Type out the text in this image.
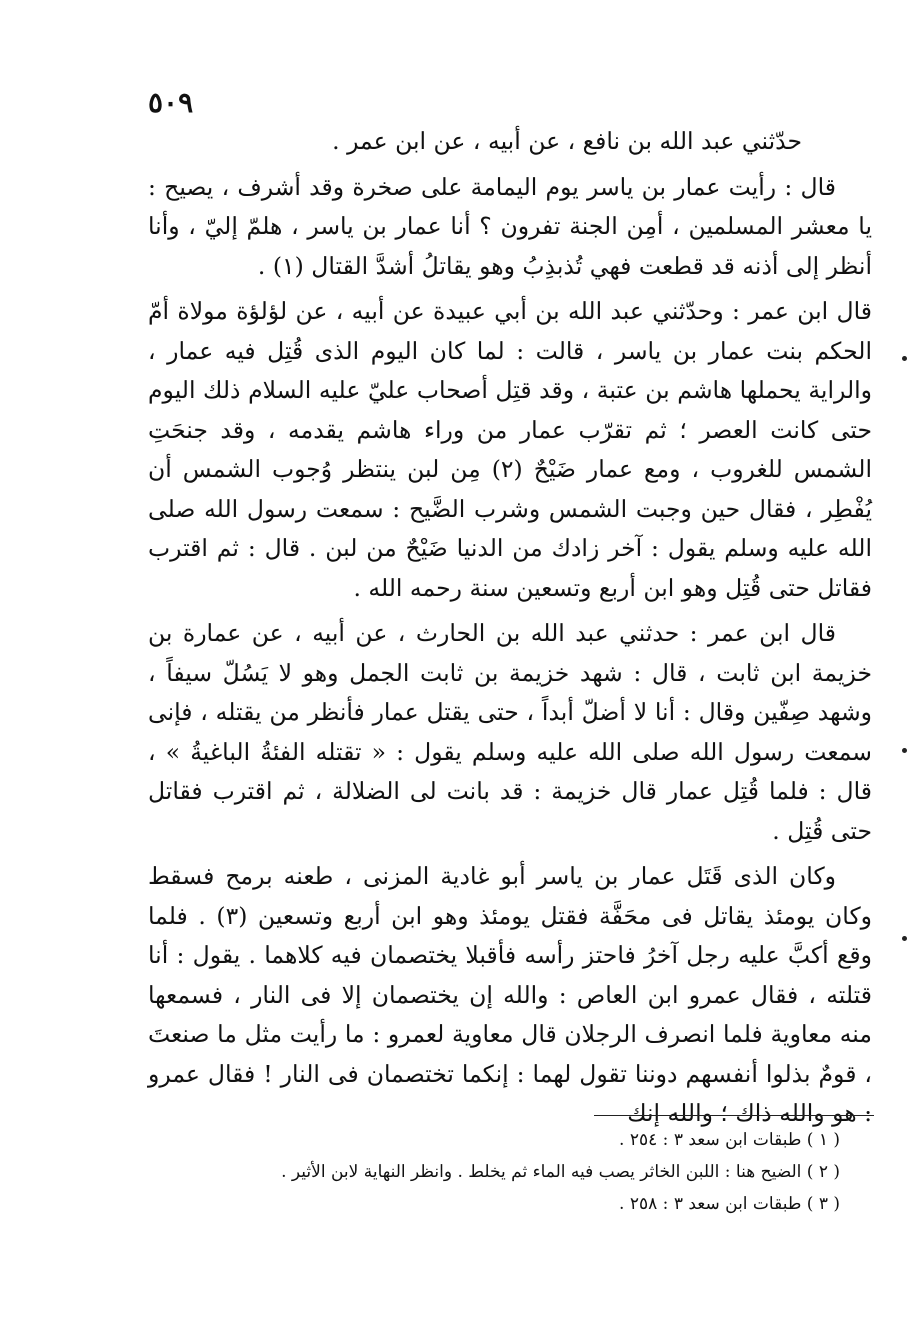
٥٠٩

حدّثني عبد الله بن نافع ، عن أبيه ، عن ابن عمر .

قال : رأيت عمار بن ياسر يوم اليمامة على صخرة وقد أشرف ، يصيح : يا معشر المسلمين ، أمِن الجنة تفرون ؟ أنا عمار بن ياسر ، هلمّ إليّ ، وأنا أنظر إلى أذنه قد قطعت فهي تُذبذِبُ وهو يقاتلُ أشدَّ القتال (١) .

قال ابن عمر : وحدّثني عبد الله بن أبي عبيدة عن أبيه ، عن لؤلؤة مولاة أمّ الحكم بنت عمار بن ياسر ، قالت : لما كان اليوم الذى قُتِل فيه عمار ، والراية يحملها هاشم بن عتبة ، وقد قتِل أصحاب عليّ عليه السلام ذلك اليوم حتى كانت العصر ؛ ثم تقرّب عمار من وراء هاشم يقدمه ، وقد جنحَتِ الشمس للغروب ، ومع عمار ضَيْحٌ (٢) مِن لبن ينتظر وُجوب الشمس أن يُفْطِر ، فقال حين وجبت الشمس وشرب الضَّيح : سمعت رسول الله صلى الله عليه وسلم يقول : آخر زادك من الدنيا ضَيْحٌ من لبن . قال : ثم اقترب فقاتل حتى قُتِل وهو ابن أربع وتسعين سنة رحمه الله .

قال ابن عمر : حدثني عبد الله بن الحارث ، عن أبيه ، عن عمارة بن خزيمة ابن ثابت ، قال : شهد خزيمة بن ثابت الجمل وهو لا يَسُلّ سيفاً ، وشهد صِفّين وقال : أنا لا أضلّ أبداً ، حتى يقتل عمار فأنظر من يقتله ، فإنى سمعت رسول الله صلى الله عليه وسلم يقول : « تقتله الفئةُ الباغيةُ » ، قال : فلما قُتِل عمار قال خزيمة : قد بانت لى الضلالة ، ثم اقترب فقاتل حتى قُتِل .

وكان الذى قَتَل عمار بن ياسر أبو غادية المزنى ، طعنه برمح فسقط وكان يومئذ يقاتل فى محَفَّة فقتل يومئذ وهو ابن أربع وتسعين (٣) . فلما وقع أكبَّ عليه رجل آخرُ فاحتز رأسه فأقبلا يختصمان فيه كلاهما . يقول : أنا قتلته ، فقال عمرو ابن العاص : والله إن يختصمان إلا فى النار ، فسمعها منه معاوية فلما انصرف الرجلان قال معاوية لعمرو : ما رأيت مثل ما صنعتَ ، قومٌ بذلوا أنفسهم دوننا تقول لهما : إنكما تختصمان فى النار ! فقال عمرو : هو والله ذاك ؛ والله إنك

( ١ ) طبقات ابن سعد ٣ : ٢٥٤ .

( ٢ ) الضيح هنا : اللبن الخاثر يصب فيه الماء ثم يخلط . وانظر النهاية لابن الأثير .

( ٣ ) طبقات ابن سعد ٣ : ٢٥٨ .
